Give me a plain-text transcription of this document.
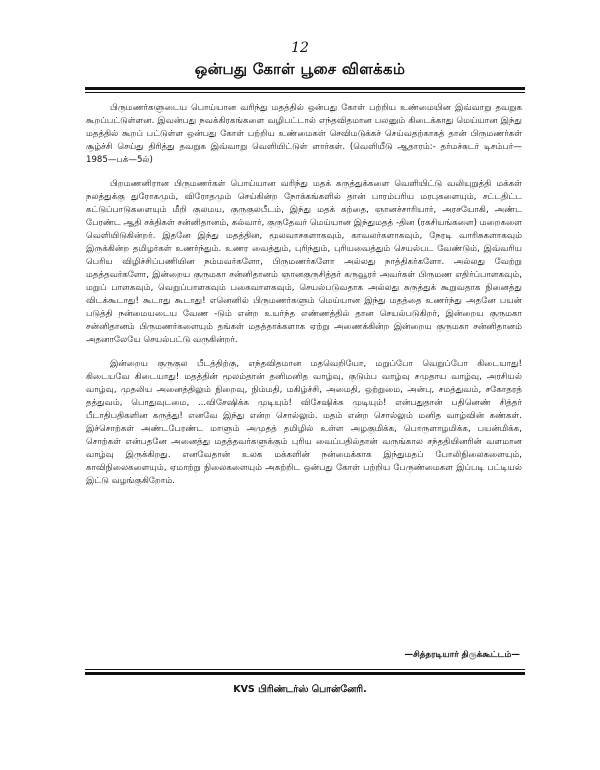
12
ஒன்பது கோள் பூசை விளக்கம்

பிருமணர்களுடைய பொய்யான வரிந்து மதத்தில் ஒன்பது கோள் பற்றிய உண்மையின இவ்வாறு தவறுக கூறப்பட்டுள்ளன. இவன்பது நவக்கிரகங்களை வழிபட்டால் எந்தவிதமான பலனும் கிடைக்காது மெய்யான இந்து மதத்தில் கூறப் பட்டுள்ள ஒன்பது கோள் பற்றிய உண்மைகள் செவிமடுக்கச் செய்வதற்காகத் தான் பிருமணர்கள் சூழ்ச்சி செய்து திரித்து தவறுக இவ்வாறு வெளியிட்டுள் ளார்கள். (வெளியீடு ஆதாரம்:- தர்மச்சுடர் டிசம்பர்—1985—பக்—5ல்)

பிறமணனிரான பிருமணர்கள் பொய்யான வரிந்து மதக் கருத்துக்களை வெளியிட்டு வலியுறுத்தி மக்கள் நலத்துக்கு துரோகமும், விரோதமும் செய்கின்ற நோக்கங்களில் தான் பாரம்பரிய மரபுகளையும், சட்டதிட்ட கட்டுப்பாடுகளையும் மீறி குலமய, குருகுலபீடம், இந்து மதக் கற்தை, ஞானச்சாரியார், அரசயோகி, அண்ட பேரண்ட ஆதி சக்திகள் சன்னிதானம், கல்வார், குருதேவர் மெய்யான இந்துமதத் -தின (ரகசியங்களை) மறைகளை வெளியிடுகின்றர். இதனே இந்து மதத்தின, மூலவாசகளாகவும், காவலர்களாகவும், நேரடி வாரிசுகளாகவும் இருக்கின்ற தமிழர்கள் உணர்ந்தும். உணர வைத்தும், புரிந்தும், புரியவைத்தும் செயல்பட வேண்டும், இவ்வரிய பெரிய விழிச்சிப்பணியின நம்மவர்களோ, பிருமணர்களோ அல்லது நாத்திகர்களோ. அல்லது வேற்று மதத்தவர்களோ, இன்றைய குருமகா சன்னிதானம் ஞானகுருசித்தர் கருவூரர் அவர்கள் பிருமண எதிர்ப்பாளகவும், மறுப் பாளகவும், வெறுப்பாளகவும் பகைவாளகவும், செயல்படுவதாக அல்லது சுருத்துக் கூறுவதாக நினைத்து விடக்கூடாது! கூடாது கூடாது! எனெனில் பிருமணர்களும் மெய்யான இந்து மதத்தை உணர்ந்து அதனே பயன் படுத்தி நன்மையடைய வேண -டும் என்ற உயர்ந்த எண்ணத்தில் தான செயல்படுகிறர், இன்றைய குருமகா சன்னிதானம் பிருமணர்களையும் தங்கள் மதத்தாக்களாக ஏற்று அணைக்கின்ற இன்றைய குருமகா சன்னிதானம் அதனாலேயே செயல்பட்டு வருகின்றர்.

இன்றைய குருகுல பீடத்திற்கு, எந்தவிதமான மதவெறியோ, மறுப்போ வெறுப்போ கிடையாது! கிடையவே கிடையாது! மதத்தின் மூலம்தான் தனிமனித வாழ்வு, குடும்ப வாழ்வு சமுதாய வாழ்வு, அரசியல் வாழ்வு, முதலிய அனைத்திலும் நிறைவு, நிம்மதி, மகிழ்ச்சி, அமைதி, ஒற்றுமை, அன்பு, சமத்துவம், சகோதரத் தத்துவம், பொதுவுடமை, ...விசேஷிக்க முடியும்! விசேஷிக்க முடியும்! என்பதுதான் பதினெண் சித்தர் பீடாதிபதிகளின கருத்து! எனவே இந்து என்ற சொல்லும். மதம் என்ற சொல்லும் மனித வாழ்வின் கண்கள். இச்சொற்கள் அண்டபேரண்ட மாளும் அமுதத் தமிழில் உள்ள அழகுமிக்க, பொருளாழமிக்க, பயன்மிக்க, சொற்கள் என்பதனே அனைத்து மதத்தவர்களுக்கும் புரிய வைப்பதில்தான் வருங்கால சந்ததியினரின் வளமான வாழ்வு இருக்கிறது. எனவேதான் உலக மக்களின் நன்மைக்காக இந்துமதப் போலிநிலைகளையும், காவிநிலைகளையும், ஏமாற்று நிலைகளையும் அகற்றிட ஒன்பது கோள் பற்றிய பேருண்மைகள இப்படி பட்டியல் இட்டு வழங்குகிறோம்.

—சித்தரடியார் திருக்கூட்டம்—
KVS பிரிண்டர்ஸ் பொன்னேரி.
